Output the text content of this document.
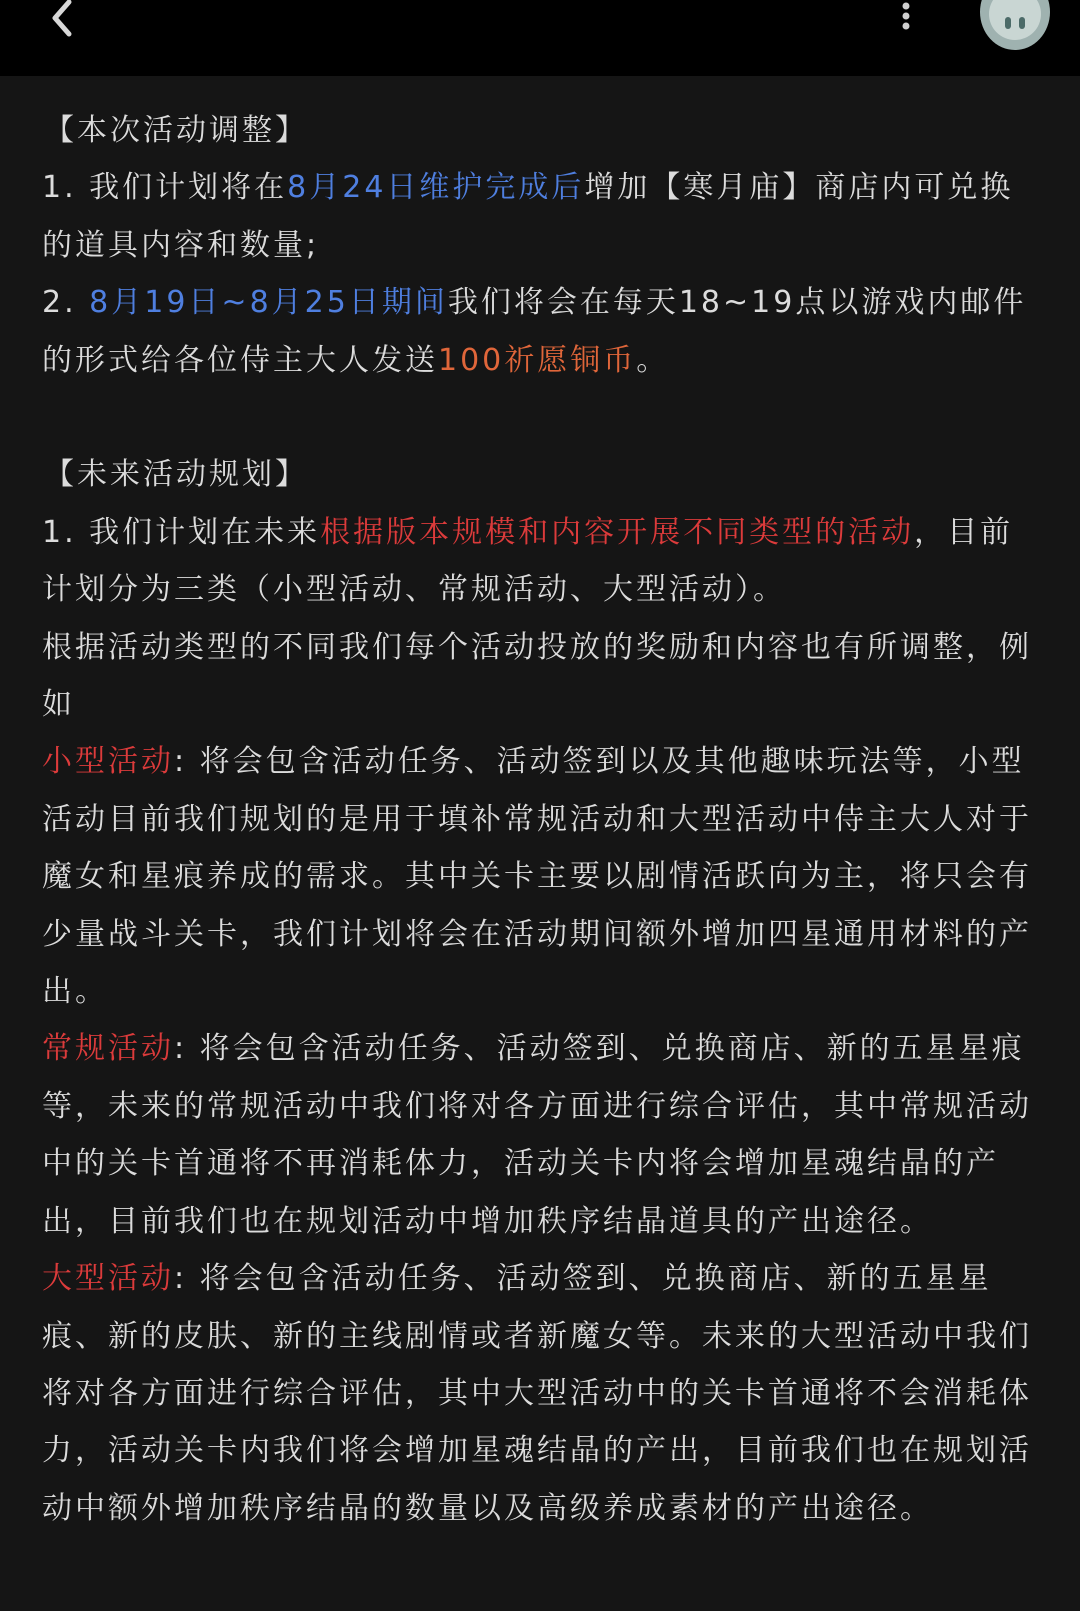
【本次活动调整】

1. 我们计划将在8月24日维护完成后增加【寒月庙】商店内可兑换的道具内容和数量;

2. 8月19日~8月25日期间我们将会在每天18~19点以游戏内邮件的形式给各位侍主大人发送100祈愿铜币。

【未来活动规划】

1. 我们计划在未来根据版本规模和内容开展不同类型的活动，目前计划分为三类（小型活动、常规活动、大型活动）。

根据活动类型的不同我们每个活动投放的奖励和内容也有所调整，例如

小型活动: 将会包含活动任务、活动签到以及其他趣味玩法等，小型活动目前我们规划的是用于填补常规活动和大型活动中侍主大人对于魔女和星痕养成的需求。其中关卡主要以剧情活跃向为主，将只会有少量战斗关卡，我们计划将会在活动期间额外增加四星通用材料的产出。

常规活动: 将会包含活动任务、活动签到、兑换商店、新的五星星痕等，未来的常规活动中我们将对各方面进行综合评估，其中常规活动中的关卡首通将不再消耗体力，活动关卡内将会增加星魂结晶的产出，目前我们也在规划活动中增加秩序结晶道具的产出途径。

大型活动: 将会包含活动任务、活动签到、兑换商店、新的五星星痕、新的皮肤、新的主线剧情或者新魔女等。未来的大型活动中我们将对各方面进行综合评估，其中大型活动中的关卡首通将不会消耗体力，活动关卡内我们将会增加星魂结晶的产出，目前我们也在规划活动中额外增加秩序结晶的数量以及高级养成素材的产出途径。
